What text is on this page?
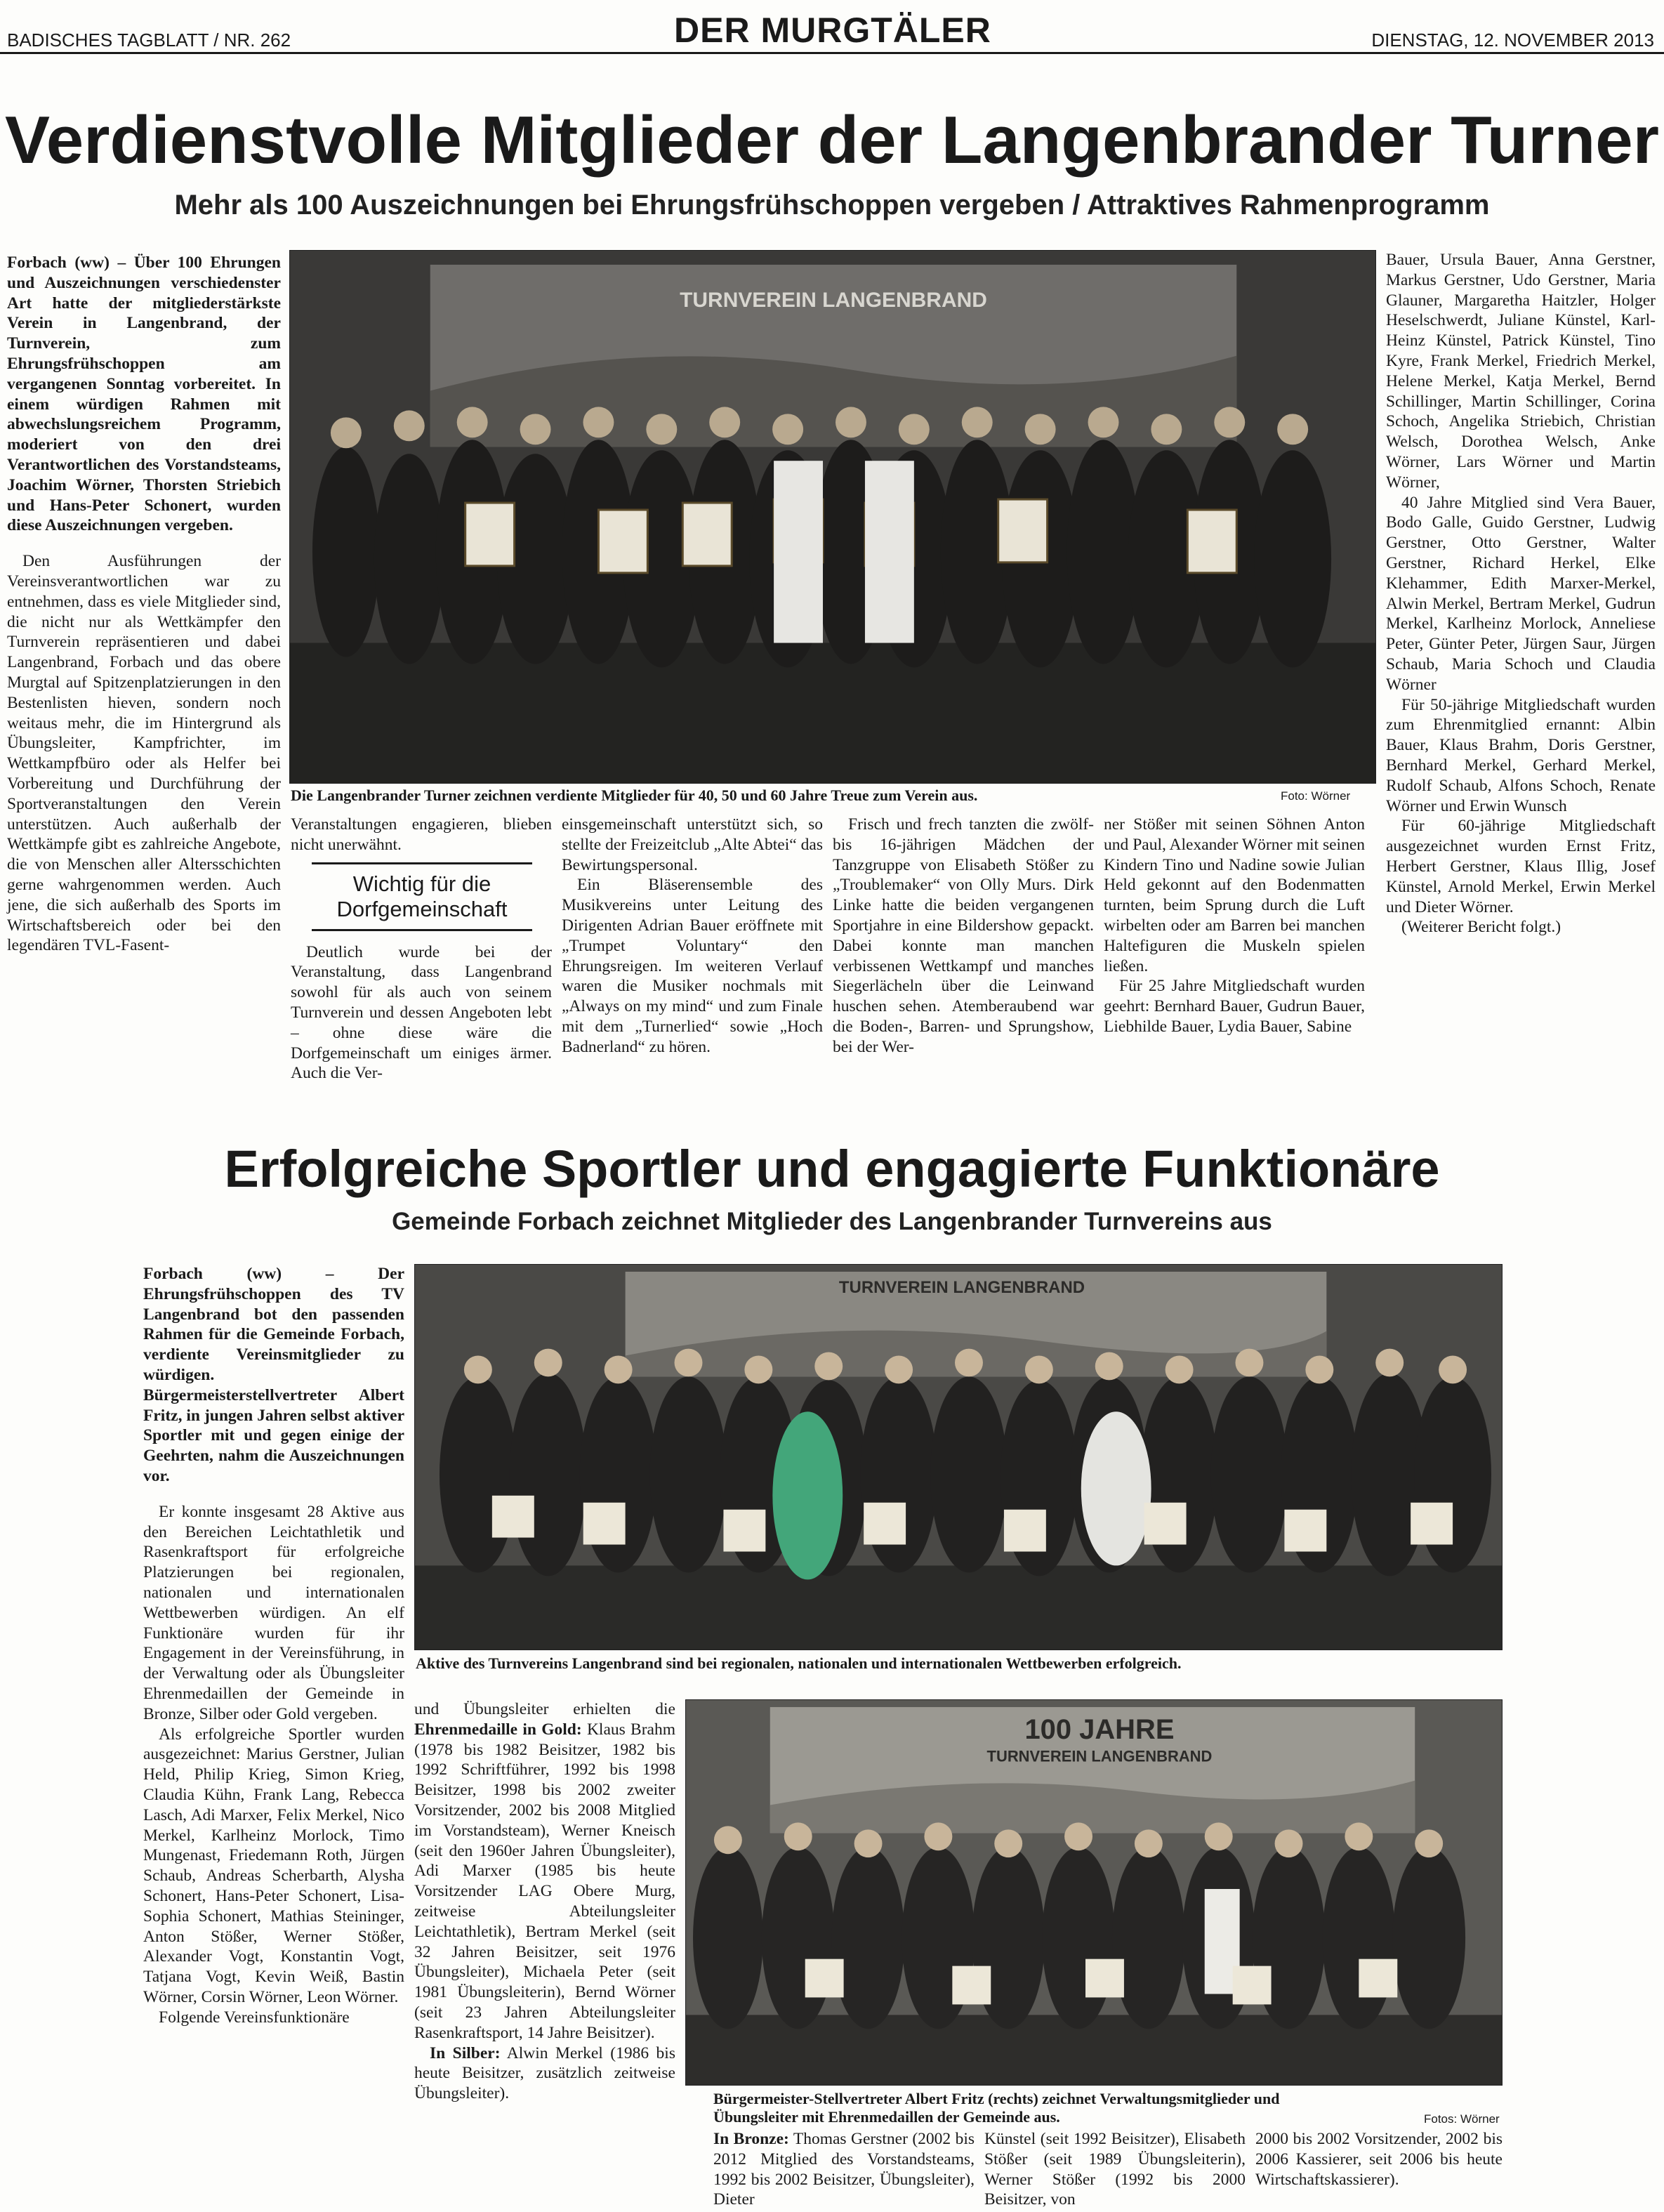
BADISCHES TAGBLATT / NR. 262	DER MURGTÄLER	DIENSTAG, 12. NOVEMBER 2013
Verdienstvolle Mitglieder der Langenbrander Turner
Mehr als 100 Auszeichnungen bei Ehrungsfrühschoppen vergeben / Attraktives Rahmenprogramm

Forbach (ww) – Über 100 Ehrungen und Auszeichnungen verschiedenster Art hatte der mitgliederstärkste Verein in Langenbrand, der Turnverein, zum Ehrungsfrühschoppen am vergangenen Sonntag vorbereitet. In einem würdigen Rahmen mit abwechslungsreichem Programm, moderiert von den drei Verantwortlichen des Vorstandsteams, Joachim Wörner, Thorsten Striebich und Hans-Peter Schonert, wurden diese Auszeichnungen vergeben.

Den Ausführungen der Vereinsverantwortlichen war zu entnehmen, dass es viele Mitglieder sind, die nicht nur als Wettkämpfer den Turnverein repräsentieren und dabei Langenbrand, Forbach und das obere Murgtal auf Spitzenplatzierungen in den Bestenlisten hieven, sondern noch weitaus mehr, die im Hintergrund als Übungsleiter, Kampfrichter, im Wettkampfbüro oder als Helfer bei Vorbereitung und Durchführung der Sportveranstaltungen den Verein unterstützen. Auch außerhalb der Wettkämpfe gibt es zahlreiche Angebote, die von Menschen aller Altersschichten gerne wahrgenommen werden. Auch jene, die sich außerhalb des Sports im Wirtschaftsbereich oder bei den legendären TVL-Fasent-

TURNVEREIN LANGENBRAND
Die Langenbrander Turner zeichnen verdiente Mitglieder für 40, 50 und 60 Jahre Treue zum Verein aus.	Foto: Wörner

Veranstaltungen engagieren, blieben nicht unerwähnt.

Wichtig für die Dorfgemeinschaft

Deutlich wurde bei der Veranstaltung, dass Langenbrand sowohl für als auch von seinem Turnverein und dessen Angeboten lebt – ohne diese wäre die Dorfgemeinschaft um einiges ärmer. Auch die Ver-

einsgemeinschaft unterstützt sich, so stellte der Freizeitclub „Alte Abtei“ das Bewirtungspersonal.

Ein Bläserensemble des Musikvereins unter Leitung des Dirigenten Adrian Bauer eröffnete mit „Trumpet Voluntary“ den Ehrungsreigen. Im weiteren Verlauf waren die Musiker nochmals mit „Always on my mind“ und zum Finale mit dem „Turnerlied“ sowie „Hoch Badnerland“ zu hören.

Frisch und frech tanzten die zwölf- bis 16-jährigen Mädchen der Tanzgruppe von Elisabeth Stößer zu „Troublemaker“ von Olly Murs. Dirk Linke hatte die beiden vergangenen Sportjahre in eine Bildershow gepackt. Dabei konnte man manchen verbissenen Wettkampf und manches Siegerlächeln über die Leinwand huschen sehen. Atemberaubend war die Boden-, Barren- und Sprungshow, bei der Wer-

ner Stößer mit seinen Söhnen Anton und Paul, Alexander Wörner mit seinen Kindern Tino und Nadine sowie Julian Held gekonnt auf den Bodenmatten turnten, beim Sprung durch die Luft wirbelten oder am Barren bei manchen Haltefiguren die Muskeln spielen ließen.

Für 25 Jahre Mitgliedschaft wurden geehrt: Bernhard Bauer, Gudrun Bauer, Liebhilde Bauer, Lydia Bauer, Sabine

Bauer, Ursula Bauer, Anna Gerstner, Markus Gerstner, Udo Gerstner, Maria Glauner, Margaretha Haitzler, Holger Heselschwerdt, Juliane Künstel, Karl-Heinz Künstel, Patrick Künstel, Tino Kyre, Frank Merkel, Friedrich Merkel, Helene Merkel, Katja Merkel, Bernd Schillinger, Martin Schillinger, Corina Schoch, Angelika Striebich, Christian Welsch, Dorothea Welsch, Anke Wörner, Lars Wörner und Martin Wörner,

40 Jahre Mitglied sind Vera Bauer, Bodo Galle, Guido Gerstner, Ludwig Gerstner, Otto Gerstner, Walter Gerstner, Richard Herkel, Elke Klehammer, Edith Marxer-Merkel, Alwin Merkel, Bertram Merkel, Gudrun Merkel, Karlheinz Morlock, Anneliese Peter, Günter Peter, Jürgen Saur, Jürgen Schaub, Maria Schoch und Claudia Wörner

Für 50-jährige Mitgliedschaft wurden zum Ehrenmitglied ernannt: Albin Bauer, Klaus Brahm, Doris Gerstner, Bernhard Merkel, Gerhard Merkel, Rudolf Schaub, Alfons Schoch, Renate Wörner und Erwin Wunsch

Für 60-jährige Mitgliedschaft ausgezeichnet wurden Ernst Fritz, Herbert Gerstner, Klaus Illig, Josef Künstel, Arnold Merkel, Erwin Merkel und Dieter Wörner.

(Weiterer Bericht folgt.)

Erfolgreiche Sportler und engagierte Funktionäre
Gemeinde Forbach zeichnet Mitglieder des Langenbrander Turnvereins aus

Forbach (ww) – Der Ehrungsfrühschoppen des TV Langenbrand bot den passenden Rahmen für die Gemeinde Forbach, verdiente Vereinsmitglieder zu würdigen. Bürgermeisterstellvertreter Albert Fritz, in jungen Jahren selbst aktiver Sportler mit und gegen einige der Geehrten, nahm die Auszeichnungen vor.

Er konnte insgesamt 28 Aktive aus den Bereichen Leichtathletik und Rasenkraftsport für erfolgreiche Platzierungen bei regionalen, nationalen und internationalen Wettbewerben würdigen. An elf Funktionäre wurden für ihr Engagement in der Vereinsführung, in der Verwaltung oder als Übungsleiter Ehrenmedaillen der Gemeinde in Bronze, Silber oder Gold vergeben.

Als erfolgreiche Sportler wurden ausgezeichnet: Marius Gerstner, Julian Held, Philip Krieg, Simon Krieg, Claudia Kühn, Frank Lang, Rebecca Lasch, Adi Marxer, Felix Merkel, Nico Merkel, Karlheinz Morlock, Timo Mungenast, Friedemann Roth, Jürgen Schaub, Andreas Scherbarth, Alysha Schonert, Hans-Peter Schonert, Lisa-Sophia Schonert, Mathias Steininger, Anton Stößer, Werner Stößer, Alexander Vogt, Konstantin Vogt, Tatjana Vogt, Kevin Weiß, Bastin Wörner, Corsin Wörner, Leon Wörner.

Folgende Vereinsfunktionäre

TURNVEREIN LANGENBRAND
Aktive des Turnvereins Langenbrand sind bei regionalen, nationalen und internationalen Wettbewerben erfolgreich.

und Übungsleiter erhielten die Ehrenmedaille in Gold: Klaus Brahm (1978 bis 1982 Beisitzer, 1982 bis 1992 Schriftführer, 1992 bis 1998 Beisitzer, 1998 bis 2002 zweiter Vorsitzender, 2002 bis 2008 Mitglied im Vorstandsteam), Werner Kneisch (seit den 1960er Jahren Übungsleiter), Adi Marxer (1985 bis heute Vorsitzender LAG Obere Murg, zeitweise Abteilungsleiter Leichtathletik), Bertram Merkel (seit 32 Jahren Beisitzer, seit 1976 Übungsleiter), Michaela Peter (seit 1981 Übungsleiterin), Bernd Wörner (seit 23 Jahren Abteilungsleiter Rasenkraftsport, 14 Jahre Beisitzer).

In Silber: Alwin Merkel (1986 bis heute Beisitzer, zusätzlich zeitweise Übungsleiter).

100 JAHRE
TURNVEREIN LANGENBRAND
Bürgermeister-Stellvertreter Albert Fritz (rechts) zeichnet Verwaltungsmitglieder und
Übungsleiter mit Ehrenmedaillen der Gemeinde aus.	Fotos: Wörner

In Bronze: Thomas Gerstner (2002 bis 2012 Mitglied des Vorstandsteams, 1992 bis 2002 Beisitzer, Übungsleiter), Dieter

Künstel (seit 1992 Beisitzer), Elisabeth Stößer (seit 1989 Übungsleiterin), Werner Stößer (1992 bis 2000 Beisitzer, von

2000 bis 2002 Vorsitzender, 2002 bis 2006 Kassierer, seit 2006 bis heute Wirtschaftskassierer).
